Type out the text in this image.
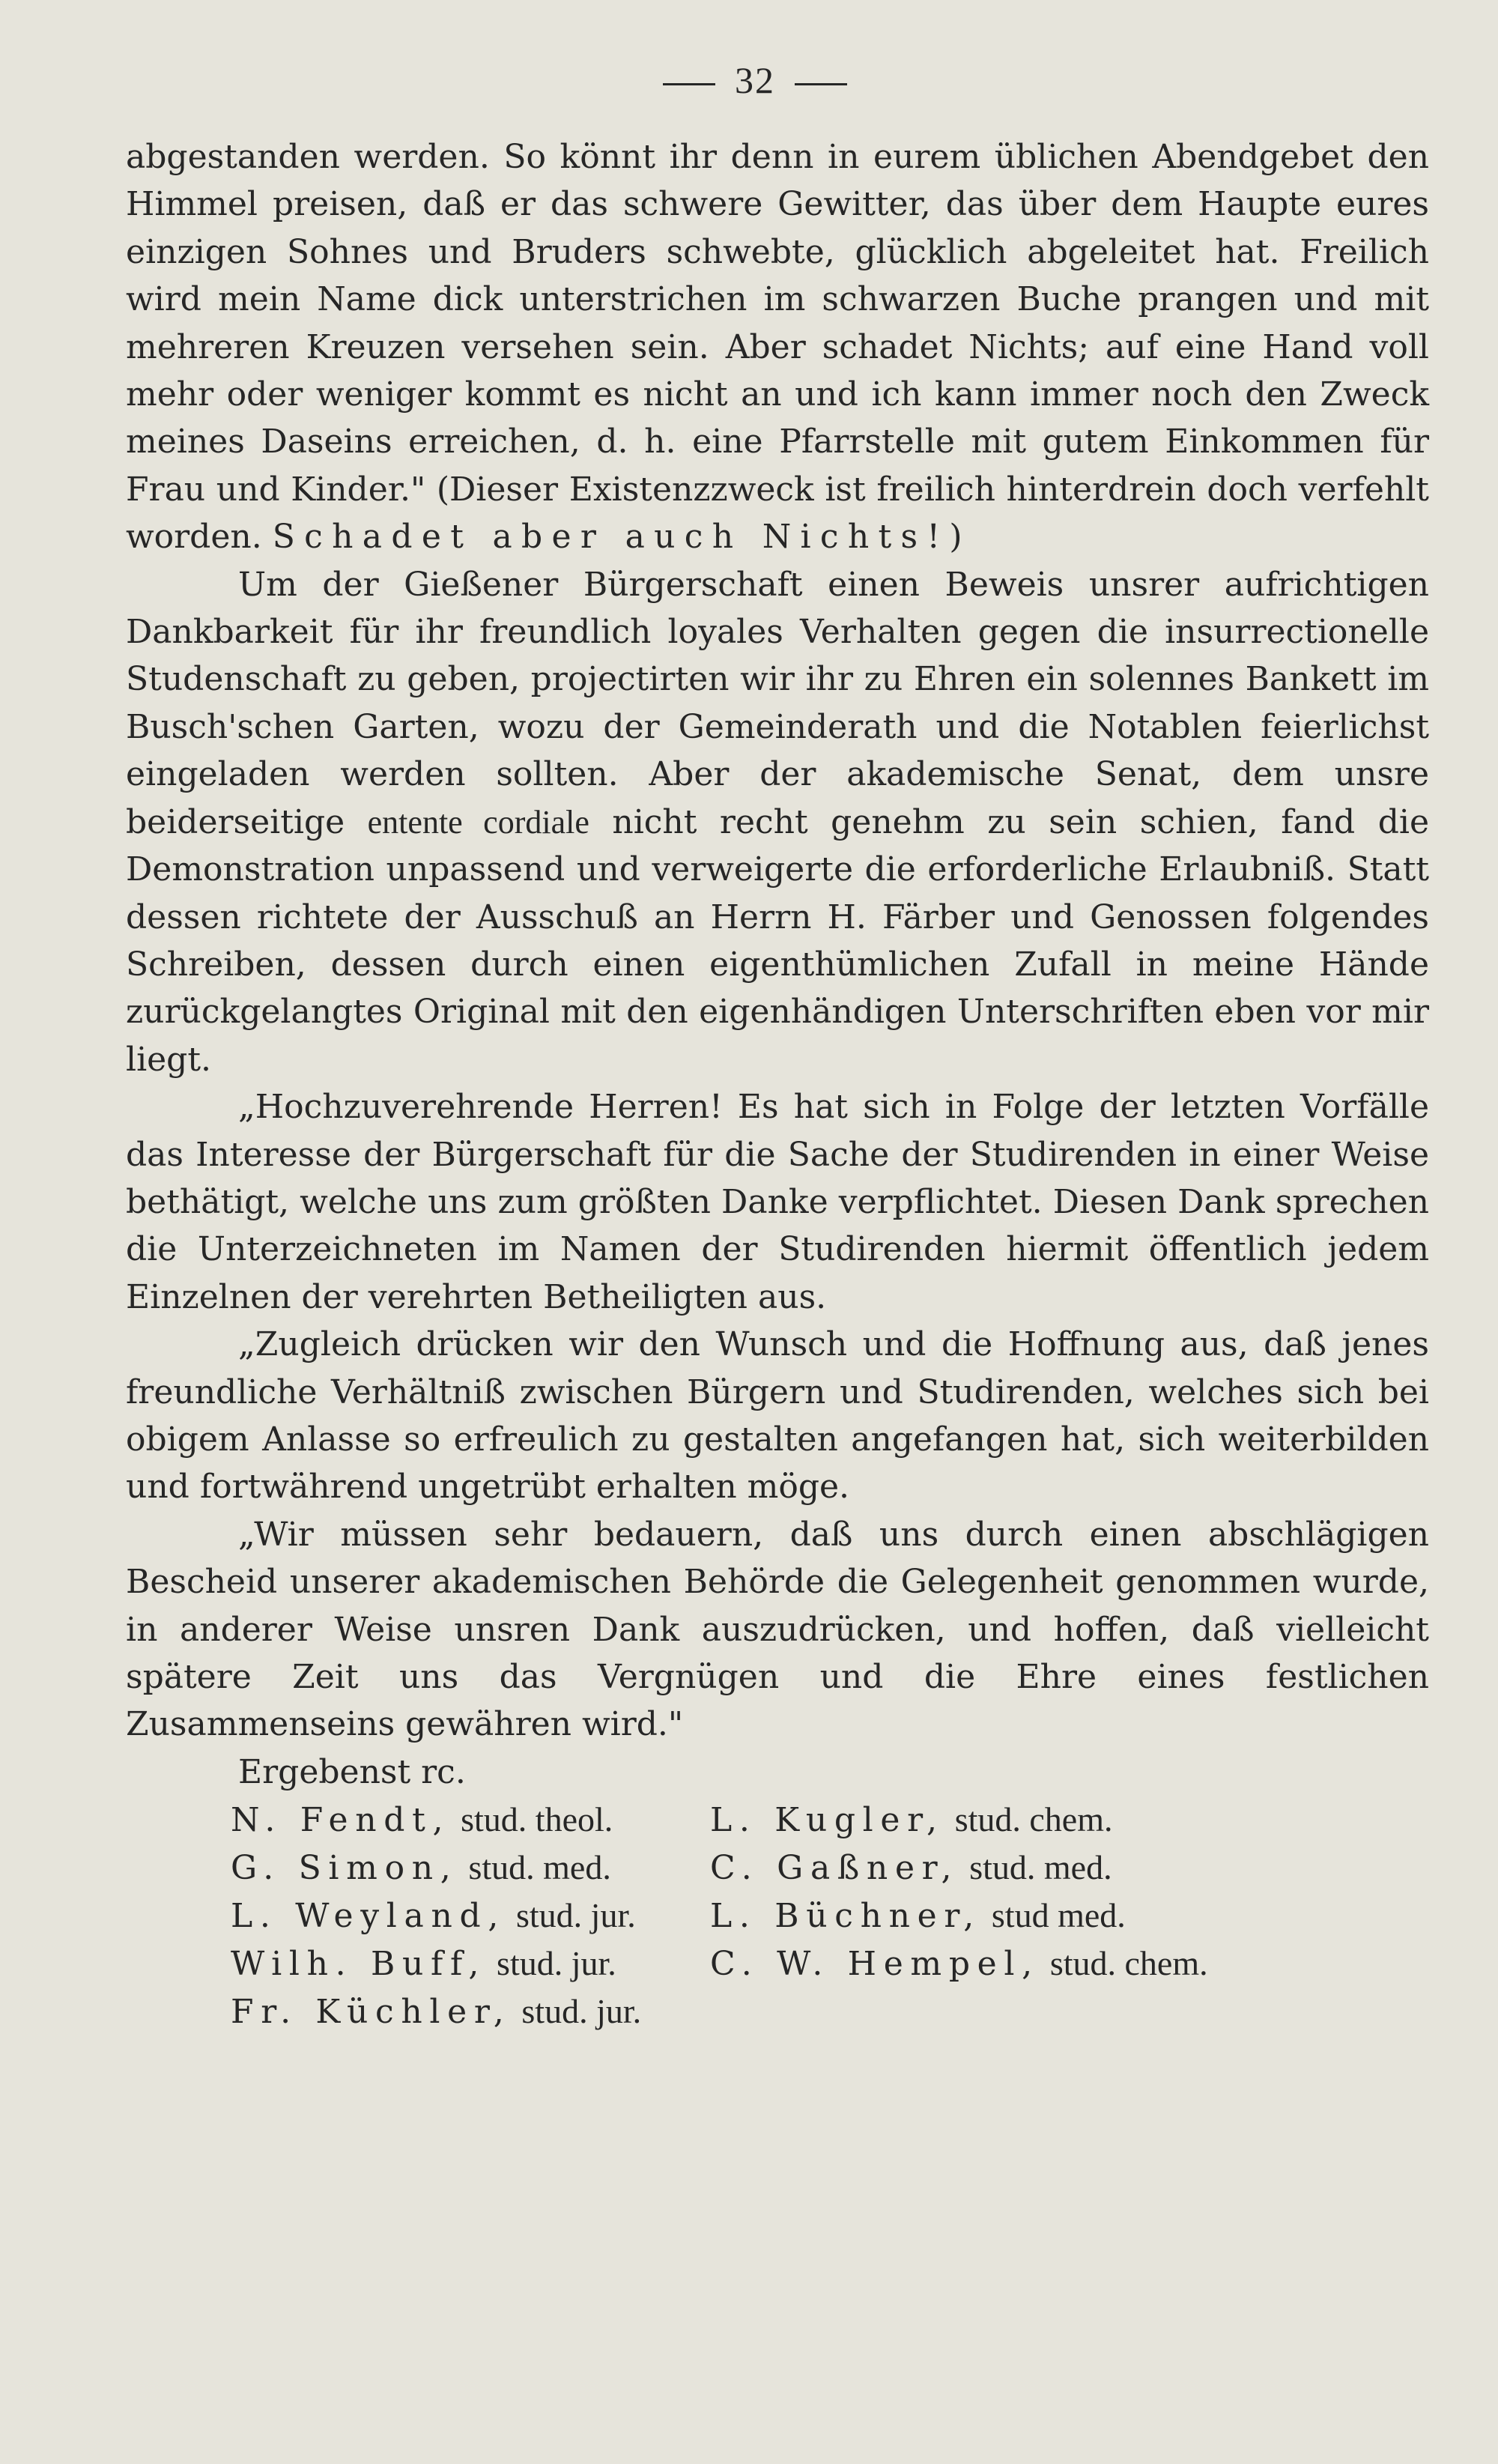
32

abgestanden werden. So könnt ihr denn in eurem üblichen Abendgebet den Himmel preisen, daß er das schwere Gewitter, das über dem Haupte eures einzigen Sohnes und Bruders schwebte, glücklich abgeleitet hat. Freilich wird mein Name dick unterstrichen im schwarzen Buche prangen und mit mehreren Kreuzen versehen sein. Aber schadet Nichts; auf eine Hand voll mehr oder weniger kommt es nicht an und ich kann immer noch den Zweck meines Daseins erreichen, d. h. eine Pfarrstelle mit gutem Einkommen für Frau und Kinder." (Dieser Existenzzweck ist freilich hinterdrein doch verfehlt worden. Schadet aber auch Nichts!)

Um der Gießener Bürgerschaft einen Beweis unsrer aufrichtigen Dankbarkeit für ihr freundlich loyales Verhalten gegen die insurrectionelle Studenschaft zu geben, projectirten wir ihr zu Ehren ein solennes Bankett im Busch'schen Garten, wozu der Gemeinderath und die Notablen feierlichst eingeladen werden sollten. Aber der akademische Senat, dem unsre beiderseitige entente cordiale nicht recht genehm zu sein schien, fand die Demonstration unpassend und verweigerte die erforderliche Erlaubniß. Statt dessen richtete der Ausschuß an Herrn H. Färber und Genossen folgendes Schreiben, dessen durch einen eigenthümlichen Zufall in meine Hände zurückgelangtes Original mit den eigenhändigen Unterschriften eben vor mir liegt.

„Hochzuverehrende Herren! Es hat sich in Folge der letzten Vorfälle das Interesse der Bürgerschaft für die Sache der Studirenden in einer Weise bethätigt, welche uns zum größten Danke verpflichtet. Diesen Dank sprechen die Unterzeichneten im Namen der Studirenden hiermit öffentlich jedem Einzelnen der verehrten Betheiligten aus.

„Zugleich drücken wir den Wunsch und die Hoffnung aus, daß jenes freundliche Verhältniß zwischen Bürgern und Studirenden, welches sich bei obigem Anlasse so erfreulich zu gestalten angefangen hat, sich weiterbilden und fortwährend ungetrübt erhalten möge.

„Wir müssen sehr bedauern, daß uns durch einen abschlägigen Bescheid unserer akademischen Behörde die Gelegenheit genommen wurde, in anderer Weise unsren Dank auszudrücken, und hoffen, daß vielleicht spätere Zeit uns das Vergnügen und die Ehre eines festlichen Zusammenseins gewähren wird."

Ergebenst rc.

N. Fendt, stud. theol.	L. Kugler, stud. chem.
G. Simon, stud. med.	C. Gaßner, stud. med.
L. Weyland, stud. jur.	L. Büchner, stud med.
Wilh. Buff, stud. jur.	C. W. Hempel, stud. chem.
Fr. Küchler, stud. jur.
